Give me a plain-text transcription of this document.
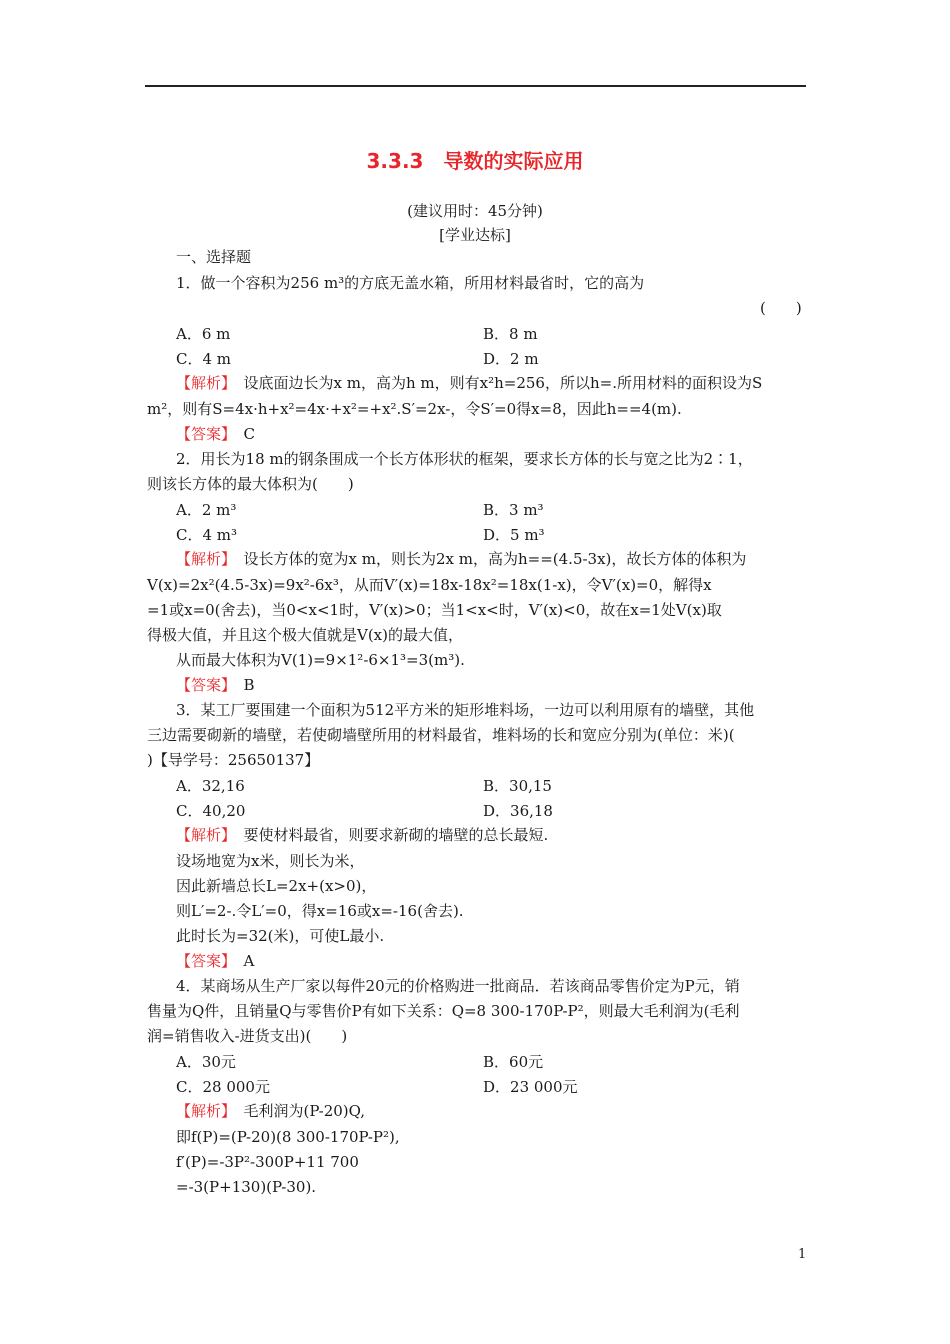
3.3.3　导数的实际应用
(建议用时：45分钟)
[学业达标]
一、选择题
1．做一个容积为256 m³的方底无盖水箱，所用材料最省时，它的高为
(　　)
A．6 m	B．8 m
C．4 m	D．2 m
【解析】　 设底面边长为x m，高为h m，则有x²h=256，所以h=.所用材料的面积设为S
m²，则有S=4x·h+x²=4x·+x²=+x².S′=2x-，令S′=0得x=8，因此h==4(m).
【答案】　 C
2．用长为18 m的钢条围成一个长方体形状的框架，要求长方体的长与宽之比为2∶1，
则该长方体的最大体积为(　　)
A．2 m³	B．3 m³
C．4 m³	D．5 m³
【解析】　 设长方体的宽为x m，则长为2x m，高为h==(4.5-3x)，故长方体的体积为
V(x)=2x²(4.5-3x)=9x²-6x³，从而V′(x)=18x-18x²=18x(1-x)，令V′(x)=0，解得x
=1或x=0(舍去)，当0<x<1时，V′(x)>0；当1<x<时，V′(x)<0，故在x=1处V(x)取
得极大值，并且这个极大值就是V(x)的最大值，
从而最大体积为V(1)=9×1²-6×1³=3(m³).
【答案】　 B
3．某工厂要围建一个面积为512平方米的矩形堆料场，一边可以利用原有的墙壁，其他
三边需要砌新的墙壁，若使砌墙壁所用的材料最省，堆料场的长和宽应分别为(单位：米)(
)【导学号：25650137】
A．32,16	B．30,15
C．40,20	D．36,18
【解析】　 要使材料最省，则要求新砌的墙壁的总长最短.
设场地宽为x米，则长为米，
因此新墙总长L=2x+(x>0)，
则L′=2-.令L′=0，得x=16或x=-16(舍去).
此时长为=32(米)，可使L最小.
【答案】　 A
4．某商场从生产厂家以每件20元的价格购进一批商品．若该商品零售价定为P元，销
售量为Q件，且销量Q与零售价P有如下关系：Q=8 300-170P-P²，则最大毛利润为(毛利
润=销售收入-进货支出)(　　)
A．30元	B．60元
C．28 000元	D．23 000元
【解析】　 毛利润为(P-20)Q,
即f(P)=(P-20)(8 300-170P-P²),
f′(P)=-3P²-300P+11 700
=-3(P+130)(P-30).
1
